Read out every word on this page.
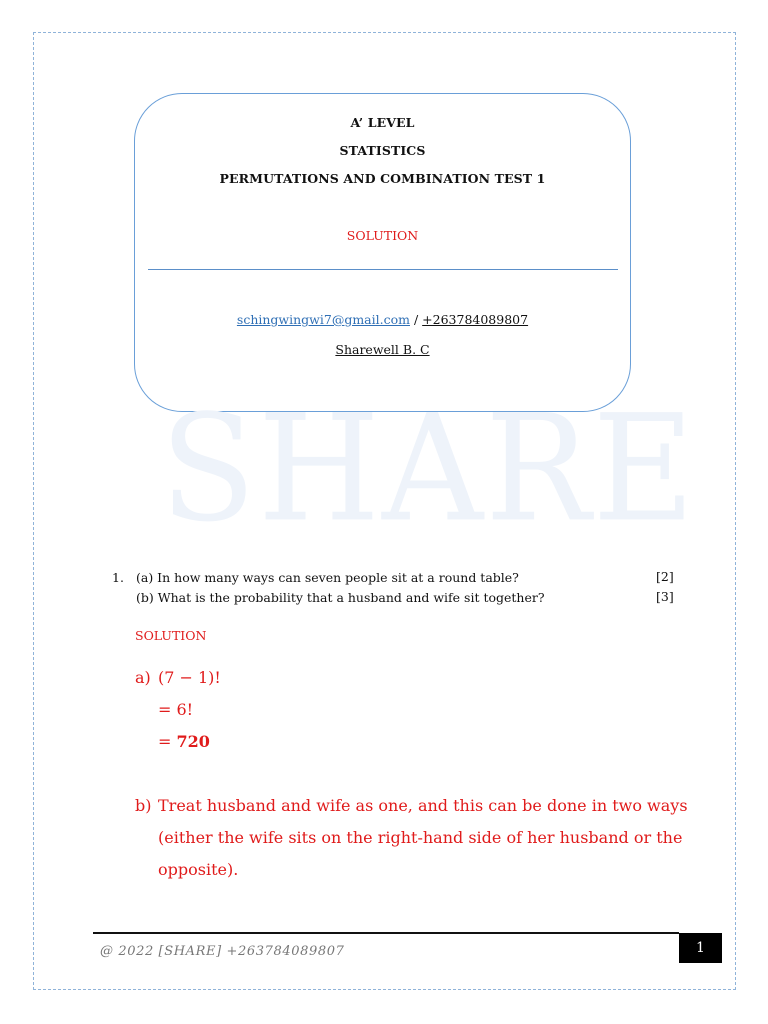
A’ LEVEL
STATISTICS
PERMUTATIONS AND COMBINATION TEST 1
SOLUTION
schingwingwi7@gmail.com / +263784089807
Sharewell B. C
SHARE
1. (a) In how many ways can seven people sit at a round table?	[2]
(b) What is the probability that a husband and wife sit together?	[3]
SOLUTION
a) (7 − 1)!
= 6!
= 720
b) Treat husband and wife as one, and this can be done in two ways
(either the wife sits on the right-hand side of her husband or the
opposite).
@ 2022 [SHARE] +263784089807	1
